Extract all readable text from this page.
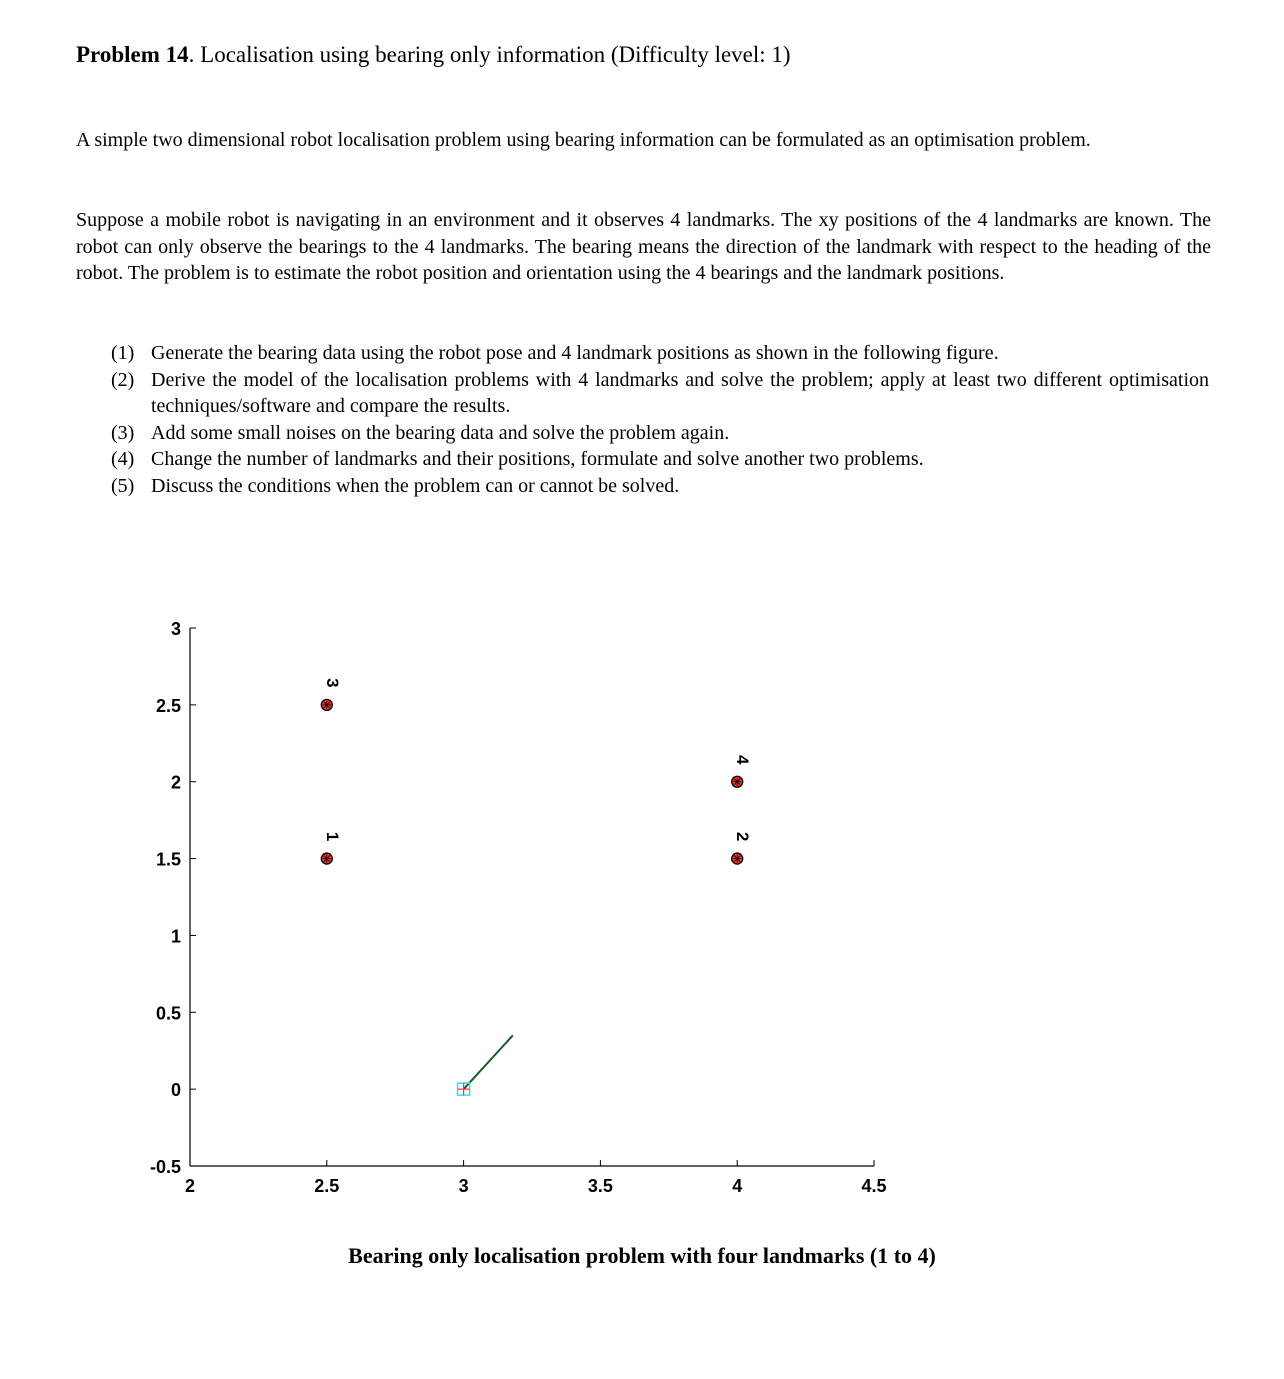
Problem 14. Localisation using bearing only information (Difficulty level: 1)
A simple two dimensional robot localisation problem using bearing information can be formulated as an optimisation problem.
Suppose a mobile robot is navigating in an environment and it observes 4 landmarks. The xy positions of the 4 landmarks are known. The robot can only observe the bearings to the 4 landmarks. The bearing means the direction of the landmark with respect to the heading of the robot. The problem is to estimate the robot position and orientation using the 4 bearings and the landmark positions.
(1) Generate the bearing data using the robot pose and 4 landmark positions as shown in the following figure.
(2) Derive the model of the localisation problems with 4 landmarks and solve the problem; apply at least two different optimisation techniques/software and compare the results.
(3) Add some small noises on the bearing data and solve the problem again.
(4) Change the number of landmarks and their positions, formulate and solve another two problems.
(5) Discuss the conditions when the problem can or cannot be solved.
2	2.5	3	3.5	4	4.5
-0.5
0
0.5
1
1.5
2
2.5
3
1	2
3
4
Bearing only localisation problem with four landmarks (1 to 4)
